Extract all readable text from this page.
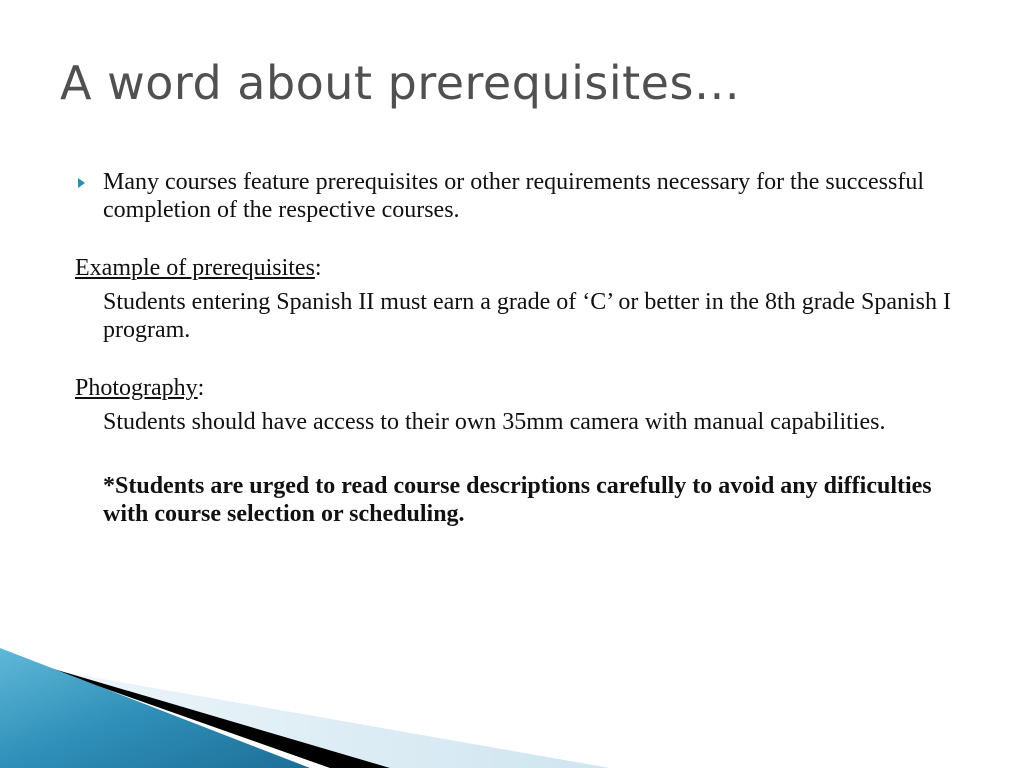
A word about prerequisites…

Many courses feature prerequisites or other requirements necessary for the successful completion of the respective courses.

Example of prerequisites:

Students entering Spanish II must earn a grade of ‘C’ or better in the 8th grade Spanish I program.

Photography:

Students should have access to their own 35mm camera with manual capabilities.

*Students are urged to read course descriptions carefully to avoid any difficulties with course selection or scheduling.
